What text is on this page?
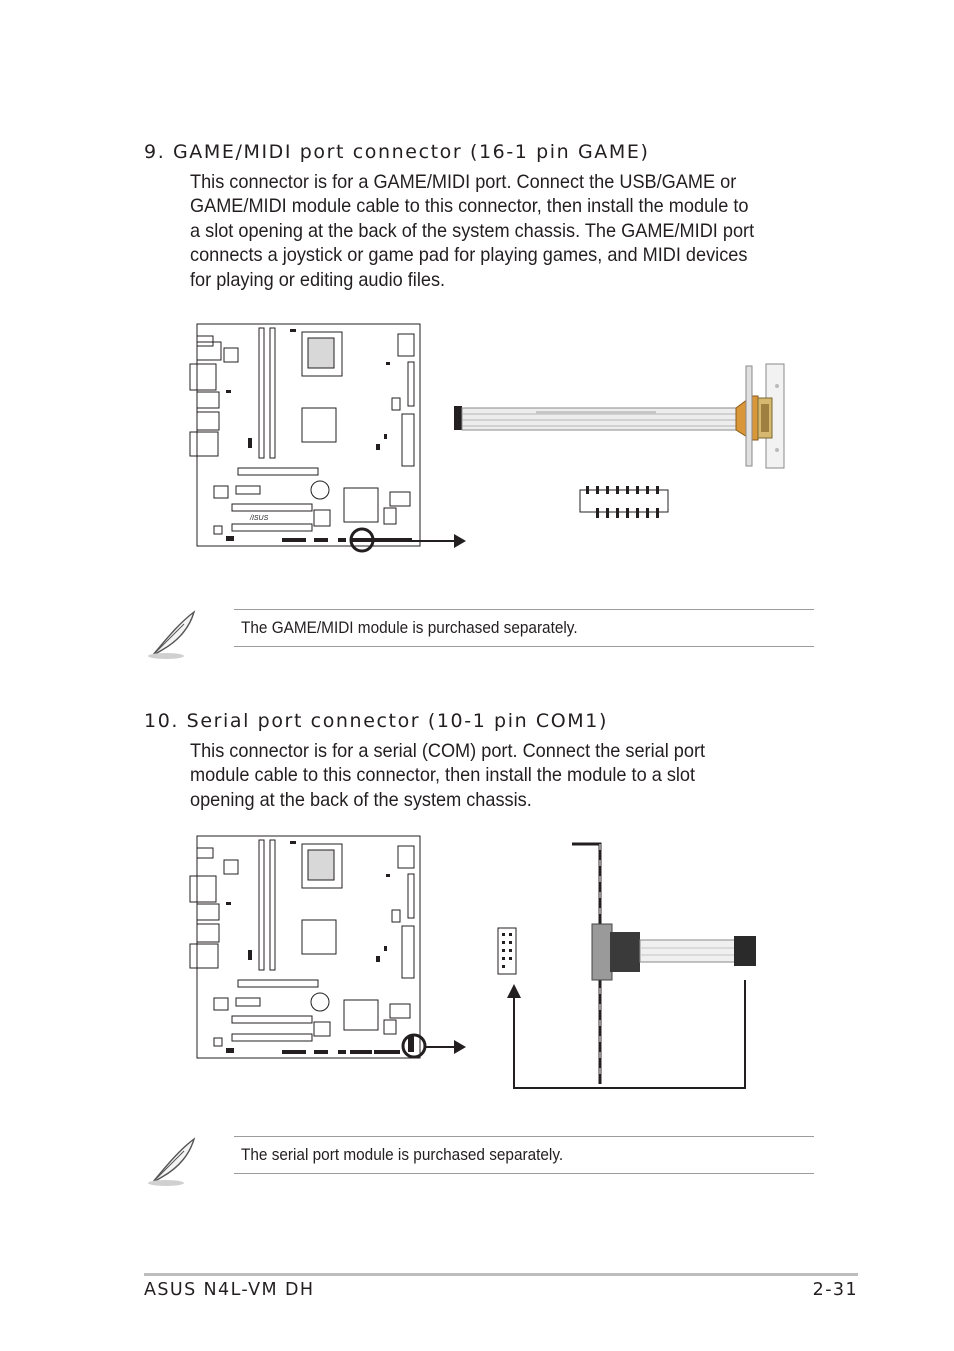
9. GAME/MIDI port connector (16-1 pin GAME)
This connector is for a GAME/MIDI port. Connect the USB/GAME or
GAME/MIDI module cable to this connector, then install the module to
a slot opening at the back of the system chassis. The GAME/MIDI port
connects a joystick or game pad for playing games, and MIDI devices
for playing or editing audio files.
/ISUS
The GAME/MIDI module is purchased separately.
10. Serial port connector (10-1 pin COM1)
This connector is for a serial (COM) port. Connect the serial port
module cable to this connector, then install the module to a slot
opening at the back of the system chassis.
The serial port module is purchased separately.
ASUS N4L-VM DH	2-31
